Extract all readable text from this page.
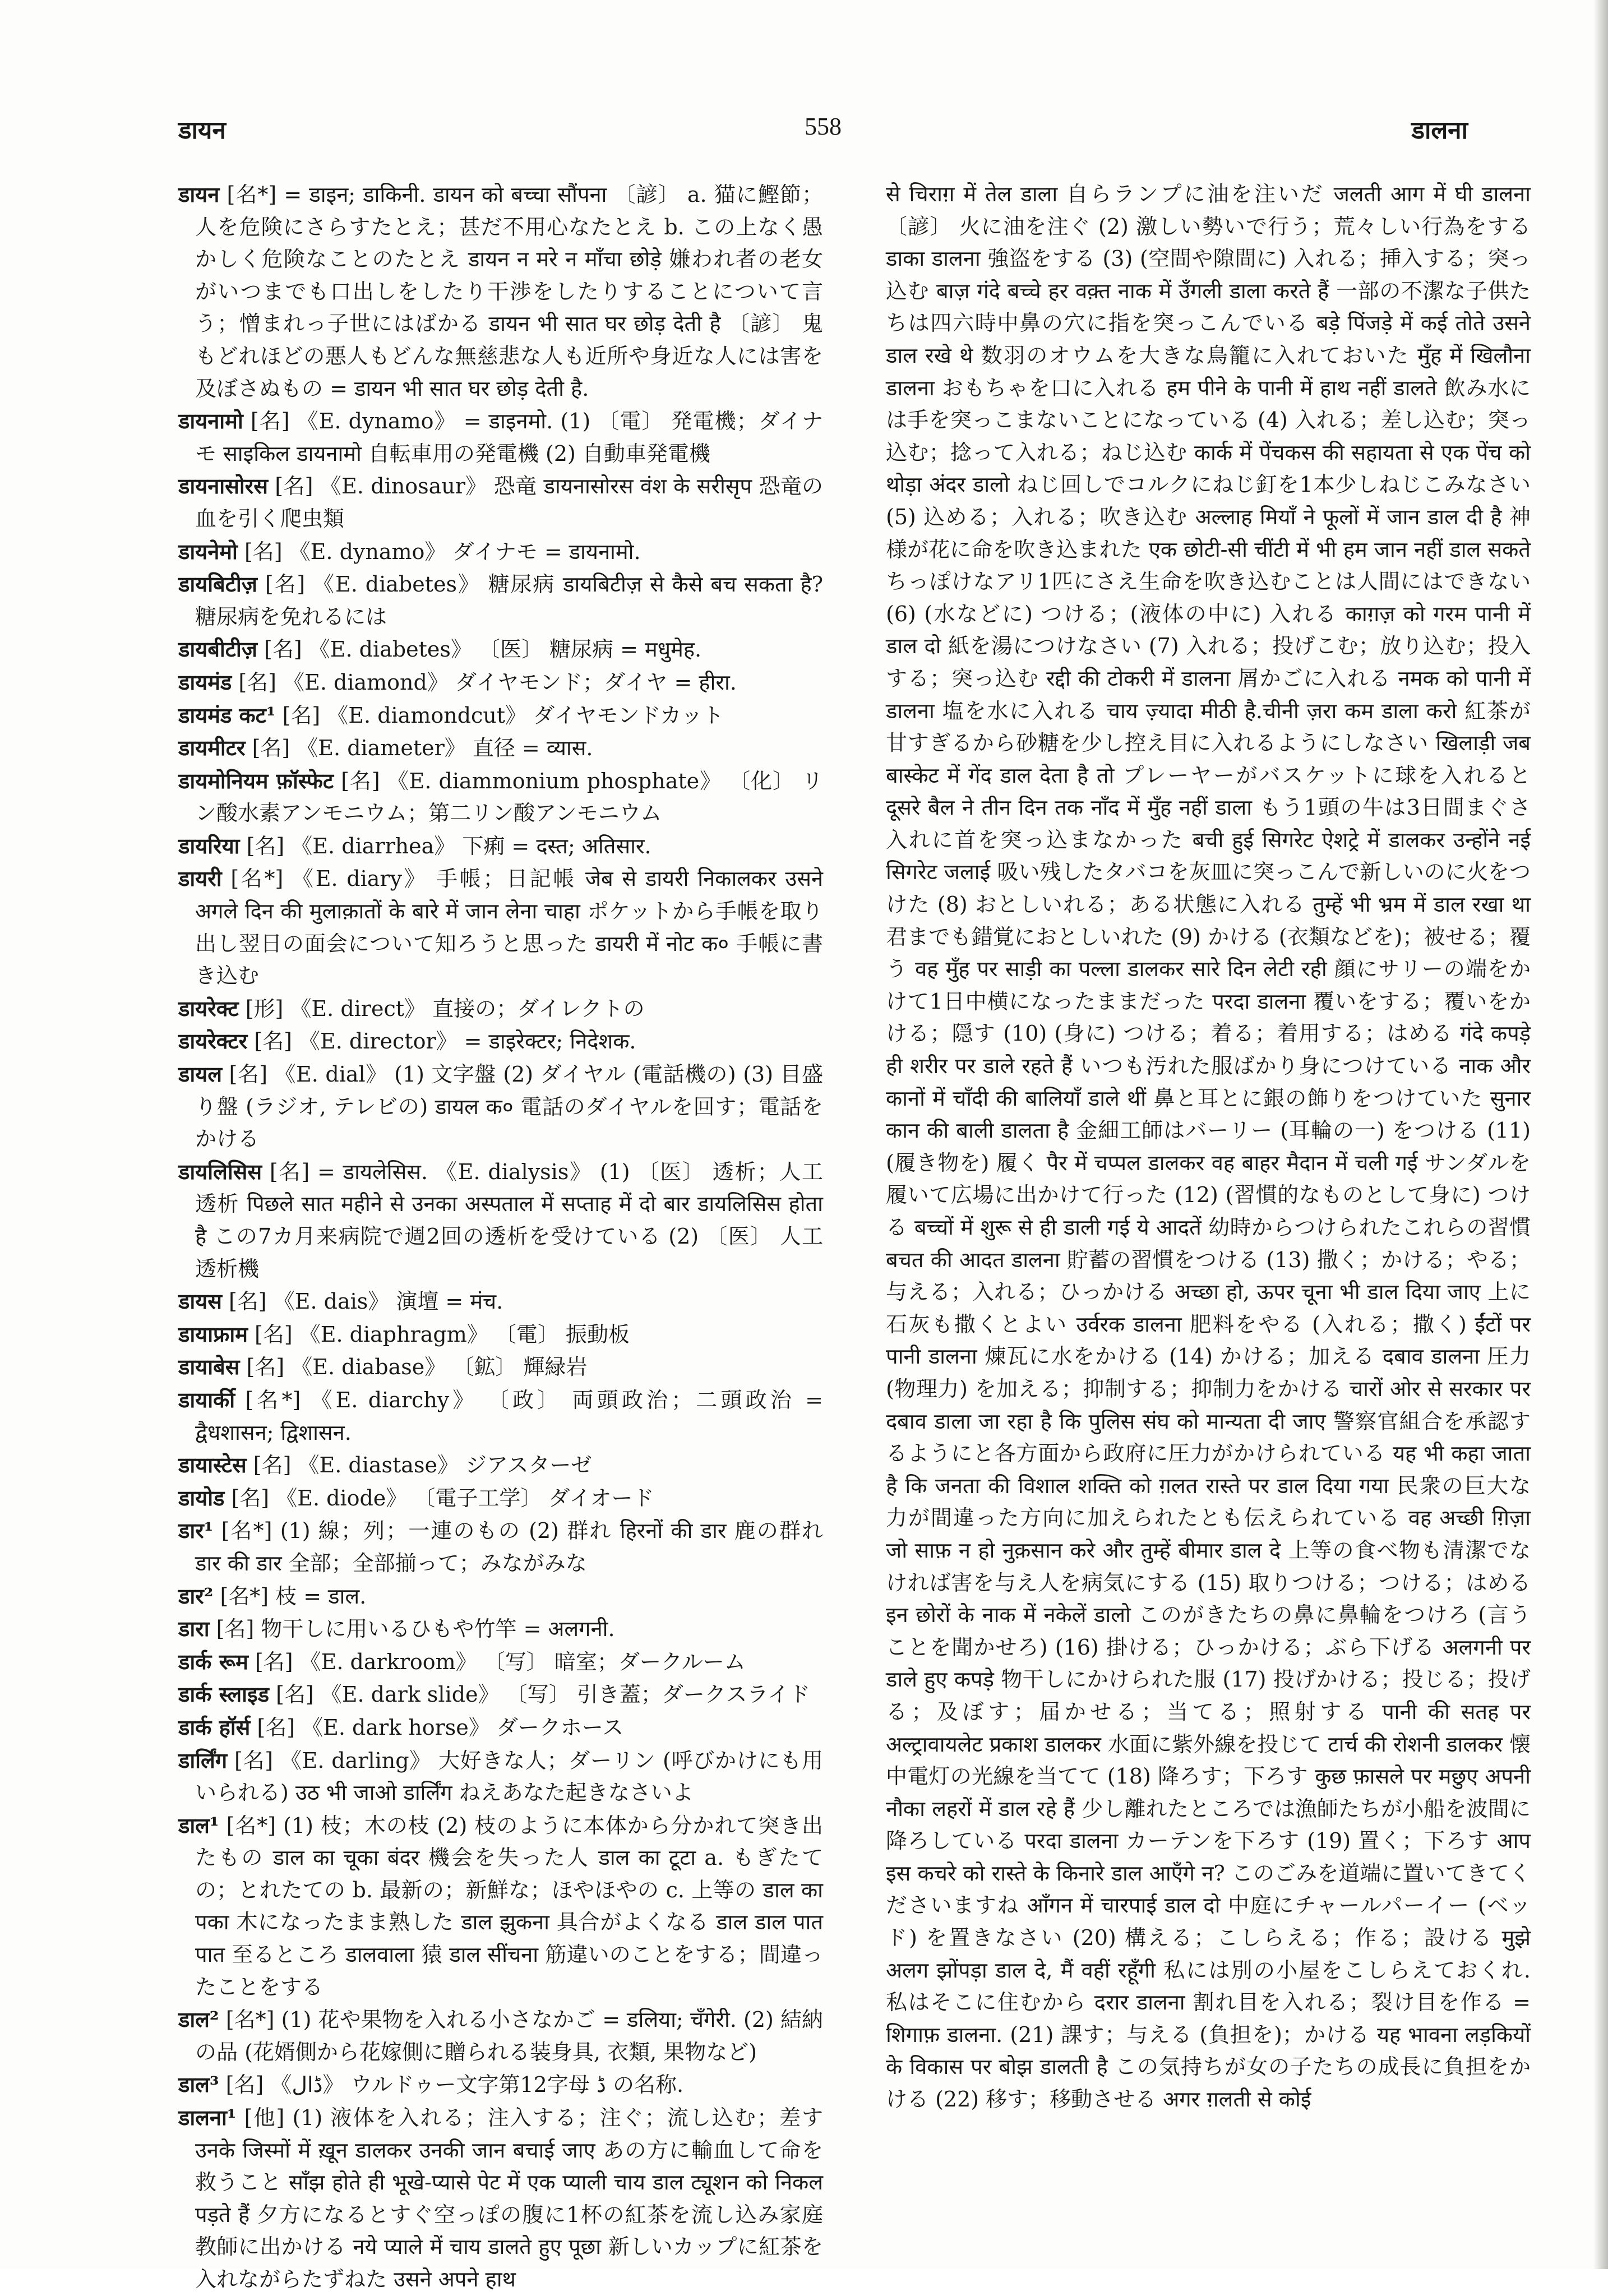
डायन	558	डालना

डायन [名*] = डाइन; डाकिनी. डायन को बच्चा सौंपना 〔諺〕 a. 猫に鰹節；人を危険にさらすたとえ；甚だ不用心なたとえ b. この上なく愚かしく危険なことのたとえ डायन न मरे न माँचा छोड़े 嫌われ者の老女がいつまでも口出しをしたり干渉をしたりすることについて言う；憎まれっ子世にはばかる डायन भी सात घर छोड़ देती है 〔諺〕 鬼もどれほどの悪人もどんな無慈悲な人も近所や身近な人には害を及ぼさぬもの = डायन भी सात घर छोड़ देती है.

डायनामो [名] 《E. dynamo》 = डाइनमो. (1) 〔電〕 発電機；ダイナモ साइकिल डायनामो 自転車用の発電機 (2) 自動車発電機

डायनासोरस [名] 《E. dinosaur》 恐竜 डायनासोरस वंश के सरीसृप 恐竜の血を引く爬虫類

डायनेमो [名] 《E. dynamo》 ダイナモ = डायनामो.

डायबिटीज़ [名] 《E. diabetes》 糖尿病 डायबिटीज़ से कैसे बच सकता है? 糖尿病を免れるには

डायबीटीज़ [名] 《E. diabetes》 〔医〕 糖尿病 = मधुमेह.

डायमंड [名] 《E. diamond》 ダイヤモンド；ダイヤ = हीरा.

डायमंड कट¹ [名] 《E. diamondcut》 ダイヤモンドカット

डायमीटर [名] 《E. diameter》 直径 = व्यास.

डायमोनियम फ़ॉस्फेट [名] 《E. diammonium phosphate》 〔化〕 リン酸水素アンモニウム；第二リン酸アンモニウム

डायरिया [名] 《E. diarrhea》 下痢 = दस्त; अतिसार.

डायरी [名*] 《E. diary》 手帳；日記帳 जेब से डायरी निकालकर उसने अगले दिन की मुलाक़ातों के बारे में जान लेना चाहा ポケットから手帳を取り出し翌日の面会について知ろうと思った डायरी में नोट क० 手帳に書き込む

डायरेक्ट [形] 《E. direct》 直接の；ダイレクトの

डायरेक्टर [名] 《E. director》 = डाइरेक्टर; निदेशक.

डायल [名] 《E. dial》 (1) 文字盤 (2) ダイヤル (電話機の) (3) 目盛り盤 (ラジオ, テレビの) डायल क० 電話のダイヤルを回す；電話をかける

डायलिसिस [名] = डायलेसिस. 《E. dialysis》 (1) 〔医〕 透析；人工透析 पिछले सात महीने से उनका अस्पताल में सप्ताह में दो बार डायलिसिस होता है この7カ月来病院で週2回の透析を受けている (2) 〔医〕 人工透析機

डायस [名] 《E. dais》 演壇 = मंच.

डायाफ्राम [名] 《E. diaphragm》 〔電〕 振動板

डायाबेस [名] 《E. diabase》 〔鉱〕 輝緑岩

डायार्की [名*] 《E. diarchy》 〔政〕 両頭政治；二頭政治 = द्वैधशासन; द्विशासन.

डायास्टेस [名] 《E. diastase》 ジアスターゼ

डायोड [名] 《E. diode》 〔電子工学〕 ダイオード

डार¹ [名*] (1) 線；列；一連のもの (2) 群れ हिरनों की डार 鹿の群れ डार की डार 全部；全部揃って；みながみな

डार² [名*] 枝 = डाल.

डारा [名] 物干しに用いるひもや竹竿 = अलगनी.

डार्क रूम [名] 《E. darkroom》 〔写〕 暗室；ダークルーム

डार्क स्लाइड [名] 《E. dark slide》 〔写〕 引き蓋；ダークスライド

डार्क हॉर्स [名] 《E. dark horse》 ダークホース

डार्लिंग [名] 《E. darling》 大好きな人；ダーリン (呼びかけにも用いられる) उठ भी जाओ डार्लिंग ねえあなた起きなさいよ

डाल¹ [名*] (1) 枝；木の枝 (2) 枝のように本体から分かれて突き出たもの डाल का चूका बंदर 機会を失った人 डाल का टूटा a. もぎたての；とれたての b. 最新の；新鮮な；ほやほやの c. 上等の डाल का पका 木になったまま熟した डाल झुकना 具合がよくなる डाल डाल पात पात 至るところ डालवाला 猿 डाल सींचना 筋違いのことをする；間違ったことをする

डाल² [名*] (1) 花や果物を入れる小さなかご = डलिया; चँगेरी. (2) 結納の品 (花婿側から花嫁側に贈られる装身具, 衣類, 果物など)

डाल³ [名] 《ڈال》 ウルドゥー文字第12字母 ڈ の名称.

डालना¹ [他] (1) 液体を入れる；注入する；注ぐ；流し込む；差す उनके जिस्मों में ख़ून डालकर उनकी जान बचाई जाए あの方に輸血して命を救うこと साँझ होते ही भूखे-प्यासे पेट में एक प्याली चाय डाल ट्यूशन को निकल पड़ते हैं 夕方になるとすぐ空っぽの腹に1杯の紅茶を流し込み家庭教師に出かける नये प्याले में चाय डालते हुए पूछा 新しいカップに紅茶を入れながらたずねた उसने अपने हाथ

से चिराग़ में तेल डाला 自らランプに油を注いだ जलती आग में घी डालना 〔諺〕 火に油を注ぐ (2) 激しい勢いで行う；荒々しい行為をする डाका डालना 強盗をする (3) (空間や隙間に) 入れる；挿入する；突っ込む बाज़ गंदे बच्चे हर वक़्त नाक में उँगली डाला करते हैं 一部の不潔な子供たちは四六時中鼻の穴に指を突っこんでいる बड़े पिंजड़े में कई तोते उसने डाल रखे थे 数羽のオウムを大きな鳥籠に入れておいた मुँह में खिलौना डालना おもちゃを口に入れる हम पीने के पानी में हाथ नहीं डालते 飲み水には手を突っこまないことになっている (4) 入れる；差し込む；突っ込む；捻って入れる；ねじ込む कार्क में पेंचकस की सहायता से एक पेंच को थोड़ा अंदर डालो ねじ回しでコルクにねじ釘を1本少しねじこみなさい (5) 込める；入れる；吹き込む अल्लाह मियाँ ने फूलों में जान डाल दी है 神様が花に命を吹き込まれた एक छोटी-सी चींटी में भी हम जान नहीं डाल सकते ちっぽけなアリ1匹にさえ生命を吹き込むことは人間にはできない (6) (水などに) つける；(液体の中に) 入れる काग़ज़ को गरम पानी में डाल दो 紙を湯につけなさい (7) 入れる；投げこむ；放り込む；投入する；突っ込む रद्दी की टोकरी में डालना 屑かごに入れる नमक को पानी में डालना 塩を水に入れる चाय ज़्यादा मीठी है.चीनी ज़रा कम डाला करो 紅茶が甘すぎるから砂糖を少し控え目に入れるようにしなさい खिलाड़ी जब बास्केट में गेंद डाल देता है तो プレーヤーがバスケットに球を入れると दूसरे बैल ने तीन दिन तक नाँद में मुँह नहीं डाला もう1頭の牛は3日間まぐさ入れに首を突っ込まなかった बची हुई सिगरेट ऐशट्रे में डालकर उन्होंने नई सिगरेट जलाई 吸い残したタバコを灰皿に突っこんで新しいのに火をつけた (8) おとしいれる；ある状態に入れる तुम्हें भी भ्रम में डाल रखा था 君までも錯覚におとしいれた (9) かける (衣類などを)；被せる；覆う वह मुँह पर साड़ी का पल्ला डालकर सारे दिन लेटी रही 顔にサリーの端をかけて1日中横になったままだった परदा डालना 覆いをする；覆いをかける；隠す (10) (身に) つける；着る；着用する；はめる गंदे कपड़े ही शरीर पर डाले रहते हैं いつも汚れた服ばかり身につけている नाक और कानों में चाँदी की बालियाँ डाले थीं 鼻と耳とに銀の飾りをつけていた सुनार कान की बाली डालता है 金細工師はバーリー (耳輪の一) をつける (11) (履き物を) 履く पैर में चप्पल डालकर वह बाहर मैदान में चली गई サンダルを履いて広場に出かけて行った (12) (習慣的なものとして身に) つける बच्चों में शुरू से ही डाली गई ये आदतें 幼時からつけられたこれらの習慣 बचत की आदत डालना 貯蓄の習慣をつける (13) 撒く；かける；やる；与える；入れる；ひっかける अच्छा हो, ऊपर चूना भी डाल दिया जाए 上に石灰も撒くとよい उर्वरक डालना 肥料をやる (入れる；撒く) ईंटों पर पानी डालना 煉瓦に水をかける (14) かける；加える दबाव डालना 圧力 (物理力) を加える；抑制する；抑制力をかける चारों ओर से सरकार पर दबाव डाला जा रहा है कि पुलिस संघ को मान्यता दी जाए 警察官組合を承認するようにと各方面から政府に圧力がかけられている यह भी कहा जाता है कि जनता की विशाल शक्ति को ग़लत रास्ते पर डाल दिया गया 民衆の巨大な力が間違った方向に加えられたとも伝えられている वह अच्छी ग़िज़ा जो साफ़ न हो नुक़सान करे और तुम्हें बीमार डाल दे 上等の食べ物も清潔でなければ害を与え人を病気にする (15) 取りつける；つける；はめる इन छोरों के नाक में नकेलें डालो このがきたちの鼻に鼻輪をつけろ (言うことを聞かせろ) (16) 掛ける；ひっかける；ぶら下げる अलगनी पर डाले हुए कपड़े 物干しにかけられた服 (17) 投げかける；投じる；投げる；及ぼす；届かせる；当てる；照射する पानी की सतह पर अल्ट्रावायलेट प्रकाश डालकर 水面に紫外線を投じて टार्च की रोशनी डालकर 懐中電灯の光線を当てて (18) 降ろす；下ろす कुछ फ़ासले पर मछुए अपनी नौका लहरों में डाल रहे हैं 少し離れたところでは漁師たちが小船を波間に降ろしている परदा डालना カーテンを下ろす (19) 置く；下ろす आप इस कचरे को रास्ते के किनारे डाल आएँगे न? このごみを道端に置いてきてくださいますね आँगन में चारपाई डाल दो 中庭にチャールパーイー (ベッド) を置きなさい (20) 構える；こしらえる；作る；設ける मुझे अलग झोंपड़ा डाल दे, मैं वहीं रहूँगी 私には別の小屋をこしらえておくれ. 私はそこに住むから दरार डालना 割れ目を入れる；裂け目を作る = शिगाफ़ डालना. (21) 課す；与える (負担を)；かける यह भावना लड़कियों के विकास पर बोझ डालती है この気持ちが女の子たちの成長に負担をかける (22) 移す；移動させる अगर ग़लती से कोई
